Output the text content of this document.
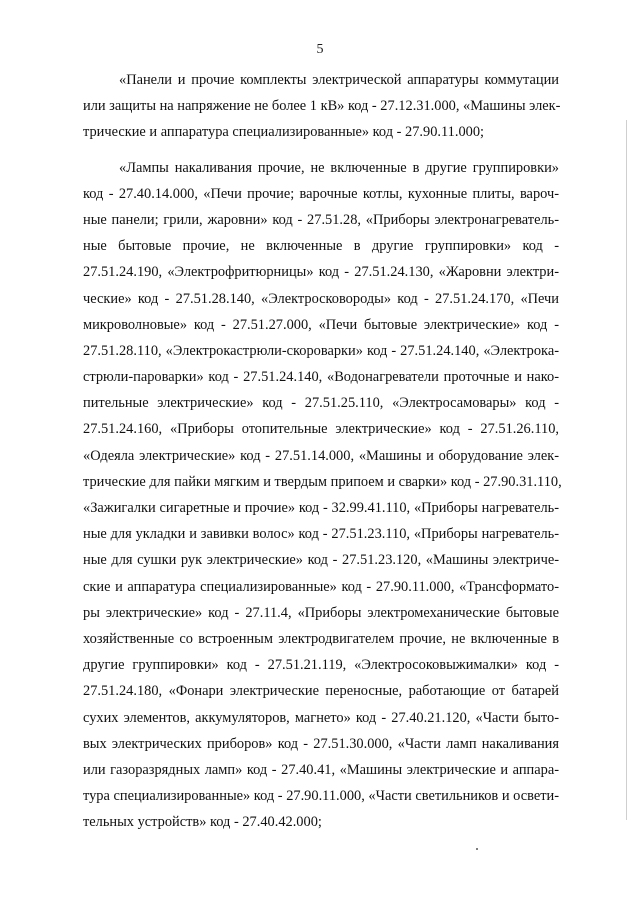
5
«Панели и прочие комплекты электрической аппаратуры коммутации
или защиты на напряжение не более 1 кВ» код - 27.12.31.000, «Машины элек-
трические и аппаратура специализированные» код - 27.90.11.000;
«Лампы накаливания прочие, не включенные в другие группировки»
код - 27.40.14.000, «Печи прочие; варочные котлы, кухонные плиты, вароч-
ные панели; грили, жаровни» код - 27.51.28, «Приборы электронагреватель-
ные бытовые прочие, не включенные в другие группировки» код -
27.51.24.190, «Электрофритюрницы» код - 27.51.24.130, «Жаровни электри-
ческие» код - 27.51.28.140, «Электросковороды» код - 27.51.24.170, «Печи
микроволновые» код - 27.51.27.000, «Печи бытовые электрические» код -
27.51.28.110, «Электрокастрюли-скороварки» код - 27.51.24.140, «Электрока-
стрюли-пароварки» код - 27.51.24.140, «Водонагреватели проточные и нако-
пительные электрические» код - 27.51.25.110, «Электросамовары» код -
27.51.24.160, «Приборы отопительные электрические» код - 27.51.26.110,
«Одеяла электрические» код - 27.51.14.000, «Машины и оборудование элек-
трические для пайки мягким и твердым припоем и сварки» код - 27.90.31.110,
«Зажигалки сигаретные и прочие» код - 32.99.41.110, «Приборы нагреватель-
ные для укладки и завивки волос» код - 27.51.23.110, «Приборы нагреватель-
ные для сушки рук электрические» код - 27.51.23.120, «Машины электриче-
ские и аппаратура специализированные» код - 27.90.11.000, «Трансформато-
ры электрические» код - 27.11.4, «Приборы электромеханические бытовые
хозяйственные со встроенным электродвигателем прочие, не включенные в
другие группировки» код - 27.51.21.119, «Электросоковыжималки» код -
27.51.24.180, «Фонари электрические переносные, работающие от батарей
сухих элементов, аккумуляторов, магнето» код - 27.40.21.120, «Части быто-
вых электрических приборов» код - 27.51.30.000, «Части ламп накаливания
или газоразрядных ламп» код - 27.40.41, «Машины электрические и аппара-
тура специализированные» код - 27.90.11.000, «Части светильников и освети-
тельных устройств» код - 27.40.42.000;
